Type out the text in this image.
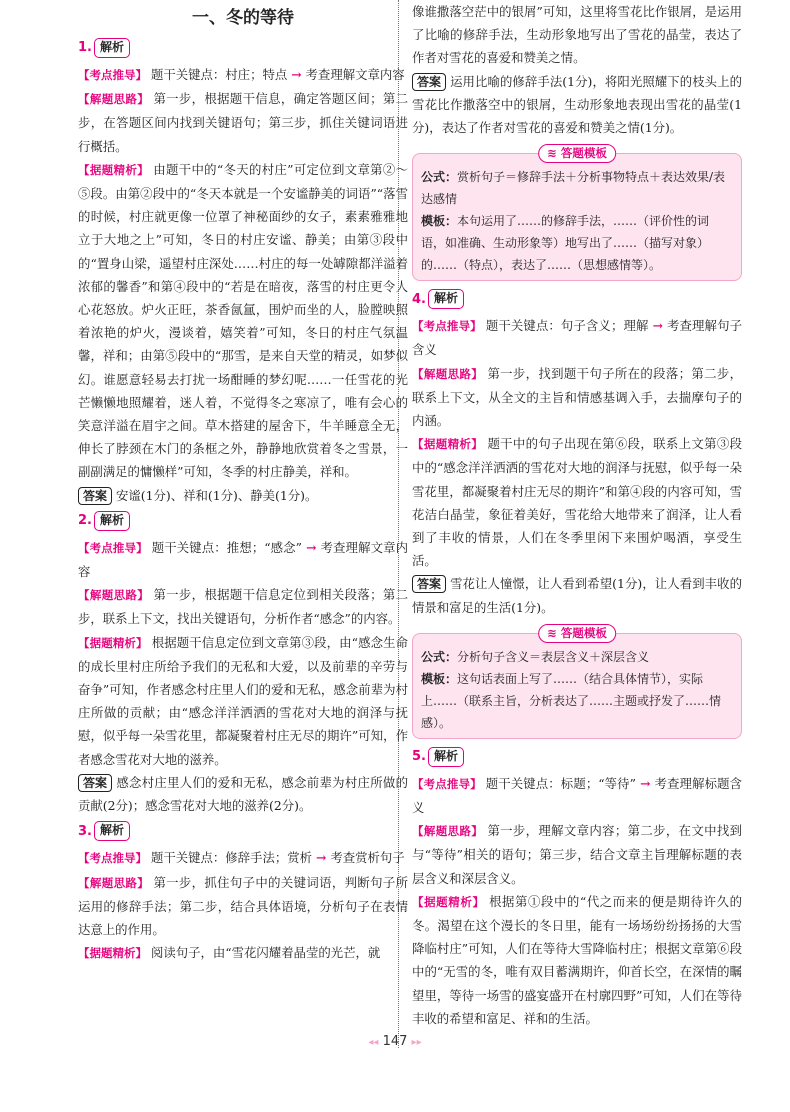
一、冬的等待
1. 解析

【考点推导】 题干关键点：村庄；特点 → 考查理解文章内容

【解题思路】 第一步，根据题干信息，确定答题区间；第二步，在答题区间内找到关键语句；第三步，抓住关键词语进行概括。

【据题精析】 由题干中的“冬天的村庄”可定位到文章第②～⑤段。由第②段中的“冬天本就是一个安谧静美的词语”“落雪的时候，村庄就更像一位罩了神秘面纱的女子，素素雅雅地立于大地之上”可知，冬日的村庄安谧、静美；由第③段中的“置身山梁，遥望村庄深处……村庄的每一处罅隙都洋溢着浓郁的馨香”和第④段中的“若是在暗夜，落雪的村庄更令人心花怒放。炉火正旺，茶香氤氲，围炉而坐的人，脸膛映照着浓艳的炉火，漫谈着，嬉笑着”可知，冬日的村庄气氛温馨，祥和；由第⑤段中的“那雪，是来自天堂的精灵，如梦似幻。谁愿意轻易去打扰一场酣睡的梦幻呢……一任雪花的光芒懒懒地照耀着，迷人着，不觉得冬之寒凉了，唯有会心的笑意洋溢在眉宇之间。草木搭建的屋舍下，牛羊睡意全无，伸长了脖颈在木门的条框之外，静静地欣赏着冬之雪景，一副副满足的慵懒样”可知，冬季的村庄静美，祥和。

答案 安谧(1分)、祥和(1分)、静美(1分)。

2. 解析

【考点推导】 题干关键点：推想；“感念” → 考查理解文章内容

【解题思路】 第一步，根据题干信息定位到相关段落；第二步，联系上下文，找出关键语句，分析作者“感念”的内容。

【据题精析】 根据题干信息定位到文章第③段，由“感念生命的成长里村庄所给予我们的无私和大爱，以及前辈的辛劳与奋争”可知，作者感念村庄里人们的爱和无私，感念前辈为村庄所做的贡献；由“感念洋洋洒洒的雪花对大地的润泽与抚慰，似乎每一朵雪花里，都凝聚着村庄无尽的期许”可知，作者感念雪花对大地的滋养。

答案 感念村庄里人们的爱和无私，感念前辈为村庄所做的贡献(2分)；感念雪花对大地的滋养(2分)。

3. 解析

【考点推导】 题干关键点：修辞手法；赏析 → 考查赏析句子

【解题思路】 第一步，抓住句子中的关键词语，判断句子所运用的修辞手法；第二步，结合具体语境，分析句子在表情达意上的作用。

【据题精析】 阅读句子，由“雪花闪耀着晶莹的光芒，就

像谁撒落空茫中的银屑”可知，这里将雪花比作银屑，是运用了比喻的修辞手法，生动形象地写出了雪花的晶莹，表达了作者对雪花的喜爱和赞美之情。

答案 运用比喻的修辞手法(1分)，将阳光照耀下的枝头上的雪花比作撒落空中的银屑，生动形象地表现出雪花的晶莹(1分)，表达了作者对雪花的喜爱和赞美之情(1分)。

≋ 答题模板
公式：赏析句子＝修辞手法＋分析事物特点＋表达效果/表达感情
模板：本句运用了……的修辞手法，……（评价性的词语，如准确、生动形象等）地写出了……（描写对象）的……（特点），表达了……（思想感情等）。
4. 解析

【考点推导】 题干关键点：句子含义；理解 → 考查理解句子含义

【解题思路】 第一步，找到题干句子所在的段落；第二步，联系上下文，从全文的主旨和情感基调入手，去揣摩句子的内涵。

【据题精析】 题干中的句子出现在第⑥段，联系上文第③段中的“感念洋洋洒洒的雪花对大地的润泽与抚慰，似乎每一朵雪花里，都凝聚着村庄无尽的期许”和第④段的内容可知，雪花洁白晶莹，象征着美好，雪花给大地带来了润泽，让人看到了丰收的情景，人们在冬季里闲下来围炉喝酒，享受生活。

答案 雪花让人憧憬，让人看到希望(1分)，让人看到丰收的情景和富足的生活(1分)。

≋ 答题模板
公式：分析句子含义＝表层含义＋深层含义
模板：这句话表面上写了……（结合具体情节），实际上……（联系主旨，分析表达了……主题或抒发了……情感）。
5. 解析

【考点推导】 题干关键点：标题；“等待” → 考查理解标题含义

【解题思路】 第一步，理解文章内容；第二步，在文中找到与“等待”相关的语句；第三步，结合文章主旨理解标题的表层含义和深层含义。

【据题精析】 根据第①段中的“代之而来的便是期待许久的冬。渴望在这个漫长的冬日里，能有一场场纷纷扬扬的大雪降临村庄”可知，人们在等待大雪降临村庄；根据文章第⑥段中的“无雪的冬，唯有双目蓄满期许，仰首长空，在深情的瞩望里，等待一场雪的盛宴盛开在村廓四野”可知，人们在等待丰收的希望和富足、祥和的生活。

◂◂ 147 ▸▸
